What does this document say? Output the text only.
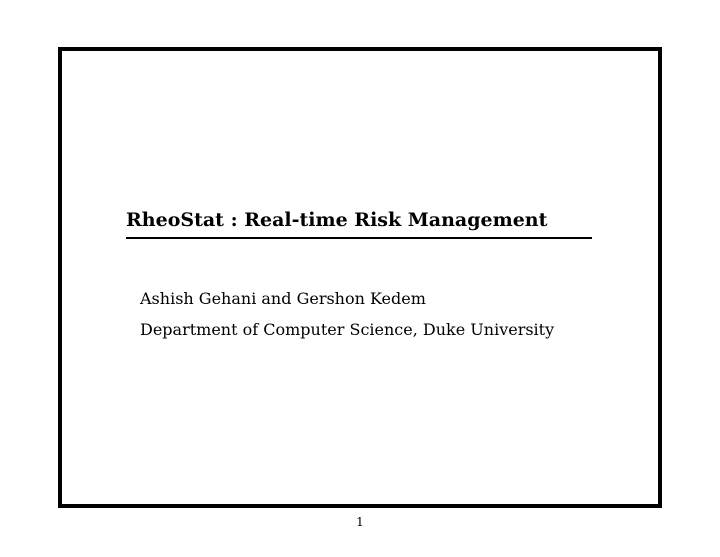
RheoStat : Real-time Risk Management

Ashish Gehani and Gershon Kedem

Department of Computer Science, Duke University

1
